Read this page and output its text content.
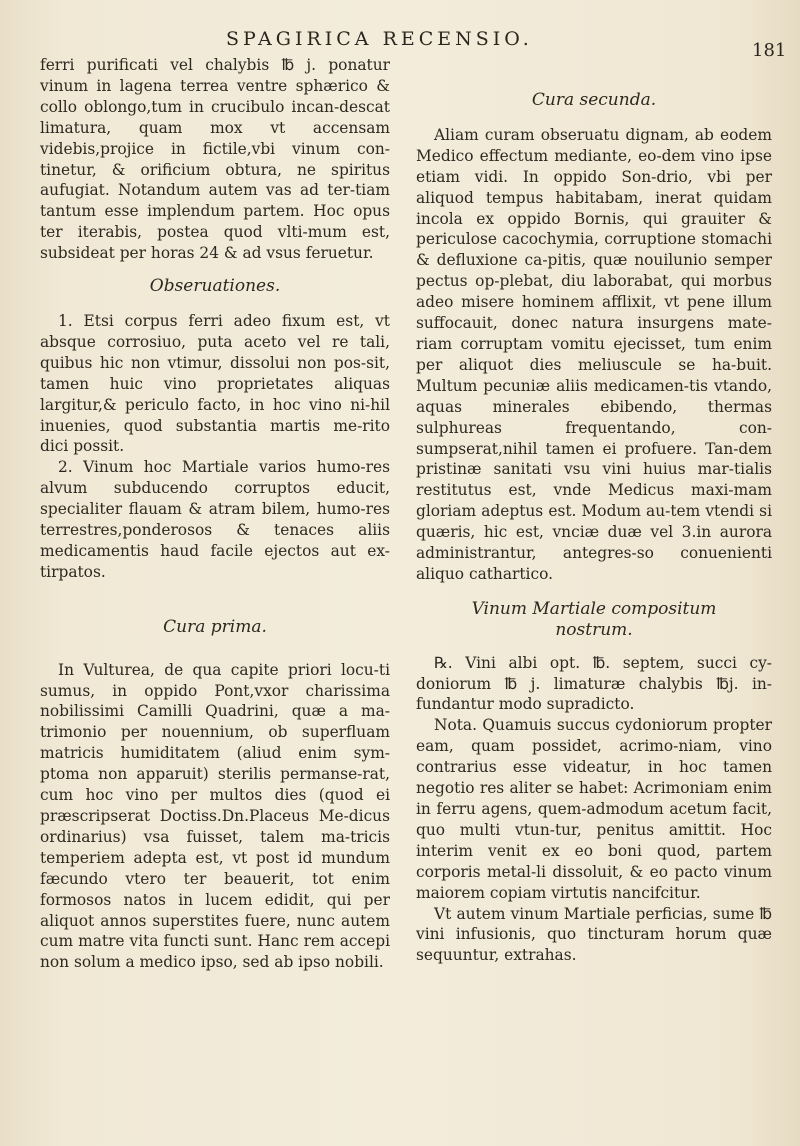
SPAGIRICA RECENSIO.
181

ferri purificati vel chalybis ℔ j. ponatur vinum in lagena terrea ventre sphærico & collo oblongo,tum in crucibulo incan-descat limatura, quam mox vt accensam videbis,projice in fictile,vbi vinum con-tinetur, & orificium obtura, ne spiritus aufugiat. Notandum autem vas ad ter-tiam tantum esse implendum partem. Hoc opus ter iterabis, postea quod vlti-mum est, subsideat per horas 24 & ad vsus feruetur.

Obseruationes.

1. Etsi corpus ferri adeo fixum est, vt absque corrosiuo, puta aceto vel re tali, quibus hic non vtimur, dissolui non pos-sit, tamen huic vino proprietates aliquas largitur,& periculo facto, in hoc vino ni-hil inuenies, quod substantia martis me-rito dici possit.

2. Vinum hoc Martiale varios humo-res alvum subducendo corruptos educit, specialiter flauam & atram bilem, humo-res terrestres,ponderosos & tenaces aliis medicamentis haud facile ejectos aut ex-tirpatos.

Cura prima.

In Vulturea, de qua capite priori locu-ti sumus, in oppido Pont,vxor charissima nobilissimi Camilli Quadrini, quæ a ma-trimonio per nouennium, ob superfluam matricis humiditatem (aliud enim sym-ptoma non apparuit) sterilis permanse-rat, cum hoc vino per multos dies (quod ei præscripserat Doctiss.Dn.Placeus Me-dicus ordinarius) vsa fuisset, talem ma-tricis temperiem adepta est, vt post id mundum fæcundo vtero ter beauerit, tot enim formosos natos in lucem edidit, qui per aliquot annos superstites fuere, nunc autem cum matre vita functi sunt. Hanc rem accepi non solum a medico ipso, sed ab ipso nobili.

Cura secunda.

Aliam curam obseruatu dignam, ab eodem Medico effectum mediante, eo-dem vino ipse etiam vidi. In oppido Son-drio, vbi per aliquod tempus habitabam, inerat quidam incola ex oppido Bornis, qui grauiter & periculose cacochymia, corruptione stomachi & defluxione ca-pitis, quæ nouilunio semper pectus op-plebat, diu laborabat, qui morbus adeo misere hominem afflixit, vt pene illum suffocauit, donec natura insurgens mate-riam corruptam vomitu ejecisset, tum enim per aliquot dies meliuscule se ha-buit. Multum pecuniæ aliis medicamen-tis vtando, aquas minerales ebibendo, thermas sulphureas frequentando, con-sumpserat,nihil tamen ei profuere. Tan-dem pristinæ sanitati vsu vini huius mar-tialis restitutus est, vnde Medicus maxi-mam gloriam adeptus est. Modum au-tem vtendi si quæris, hic est, vnciæ duæ vel 3.in aurora administrantur, antegres-so conuenienti aliquo cathartico.

Vinum Martiale compositum

nostrum.

℞. Vini albi opt. ℔. septem, succi cy-doniorum ℔ j. limaturæ chalybis ℔j. in-fundantur modo supradicto.

Nota. Quamuis succus cydoniorum propter eam, quam possidet, acrimo-niam, vino contrarius esse videatur, in hoc tamen negotio res aliter se habet: Acrimoniam enim in ferru agens, quem-admodum acetum facit, quo multi vtun-tur, penitus amittit. Hoc interim venit ex eo boni quod, partem corporis metal-li dissoluit, & eo pacto vinum maiorem copiam virtutis nancifcitur.

Vt autem vinum Martiale perficias, sume ℔ vini infusionis, quo tincturam horum quæ sequuntur, extrahas.
